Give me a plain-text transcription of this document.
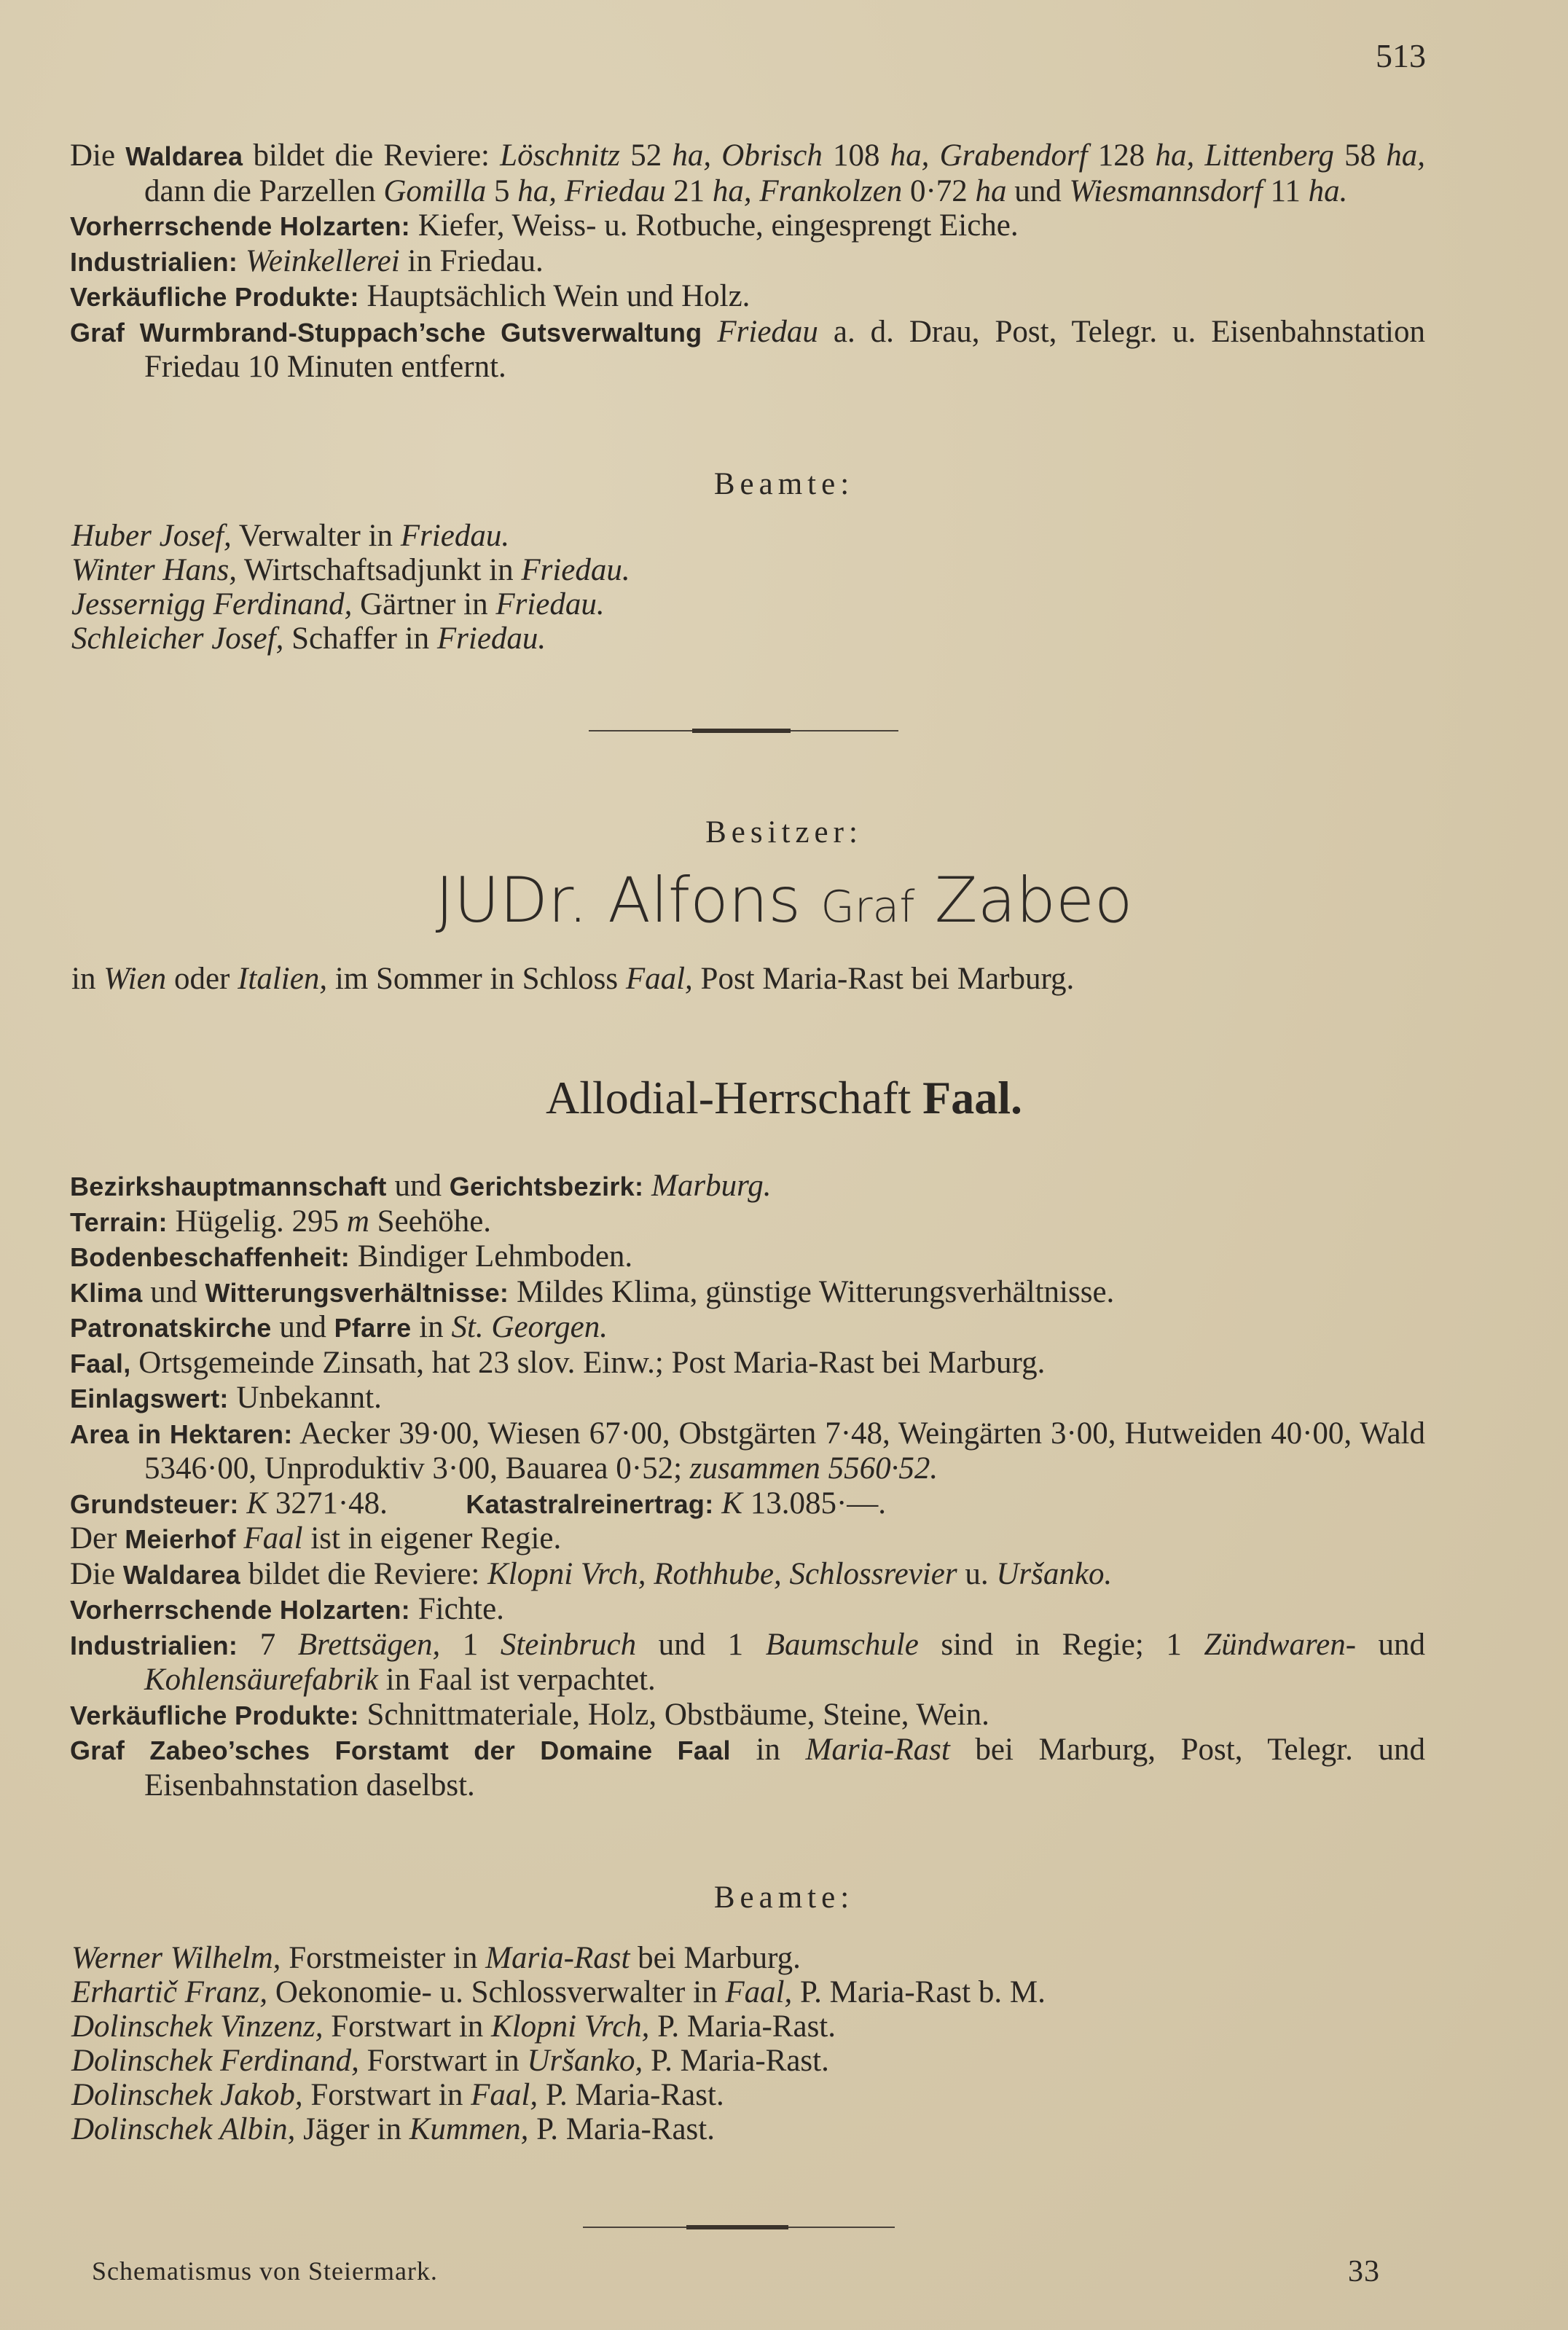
513

Die Waldarea bildet die Reviere: Löschnitz 52 ha, Obrisch 108 ha, Grabendorf 128 ha, Littenberg 58 ha, dann die Parzellen Gomilla 5 ha, Friedau 21 ha, Frankolzen 0·72 ha und Wiesmannsdorf 11 ha.

Vorherrschende Holzarten: Kiefer, Weiss- u. Rotbuche, eingesprengt Eiche.

Industrialien: Weinkellerei in Friedau.

Verkäufliche Produkte: Hauptsächlich Wein und Holz.

Graf Wurmbrand-Stuppach’sche Gutsverwaltung Friedau a. d. Drau, Post, Telegr. u. Eisenbahnstation Friedau 10 Minuten entfernt.

Beamte:

Huber Josef, Verwalter in Friedau.

Winter Hans, Wirtschaftsadjunkt in Friedau.

Jessernigg Ferdinand, Gärtner in Friedau.

Schleicher Josef, Schaffer in Friedau.

Besitzer:
JUDr. Alfons Graf Zabeo

in Wien oder Italien, im Sommer in Schloss Faal, Post Maria-Rast bei Marburg.

Allodial-Herrschaft Faal.

Bezirkshauptmannschaft und Gerichtsbezirk: Marburg.

Terrain: Hügelig. 295 m Seehöhe.

Bodenbeschaffenheit: Bindiger Lehmboden.

Klima und Witterungsverhältnisse: Mildes Klima, günstige Witterungsverhältnisse.

Patronatskirche und Pfarre in St. Georgen.

Faal, Ortsgemeinde Zinsath, hat 23 slov. Einw.; Post Maria-Rast bei Marburg.

Einlagswert: Unbekannt.

Area in Hektaren: Aecker 39·00, Wiesen 67·00, Obstgärten 7·48, Weingärten 3·00, Hutweiden 40·00, Wald 5346·00, Unproduktiv 3·00, Bauarea 0·52; zusammen 5560·52.

Grundsteuer: K 3271·48.          Katastralreinertrag: K 13.085·—.

Der Meierhof Faal ist in eigener Regie.

Die Waldarea bildet die Reviere: Klopni Vrch, Rothhube, Schlossrevier u. Uršanko.

Vorherrschende Holzarten: Fichte.

Industrialien: 7 Brettsägen, 1 Steinbruch und 1 Baumschule sind in Regie; 1 Zündwaren- und Kohlensäurefabrik in Faal ist verpachtet.

Verkäufliche Produkte: Schnittmateriale, Holz, Obstbäume, Steine, Wein.

Graf Zabeo’sches Forstamt der Domaine Faal in Maria-Rast bei Marburg, Post, Telegr. und Eisenbahnstation daselbst.

Beamte:

Werner Wilhelm, Forstmeister in Maria-Rast bei Marburg.

Erhartič Franz, Oekonomie- u. Schlossverwalter in Faal, P. Maria-Rast b. M.

Dolinschek Vinzenz, Forstwart in Klopni Vrch, P. Maria-Rast.

Dolinschek Ferdinand, Forstwart in Uršanko, P. Maria-Rast.

Dolinschek Jakob, Forstwart in Faal, P. Maria-Rast.

Dolinschek Albin, Jäger in Kummen, P. Maria-Rast.

Schematismus von Steiermark.	33
